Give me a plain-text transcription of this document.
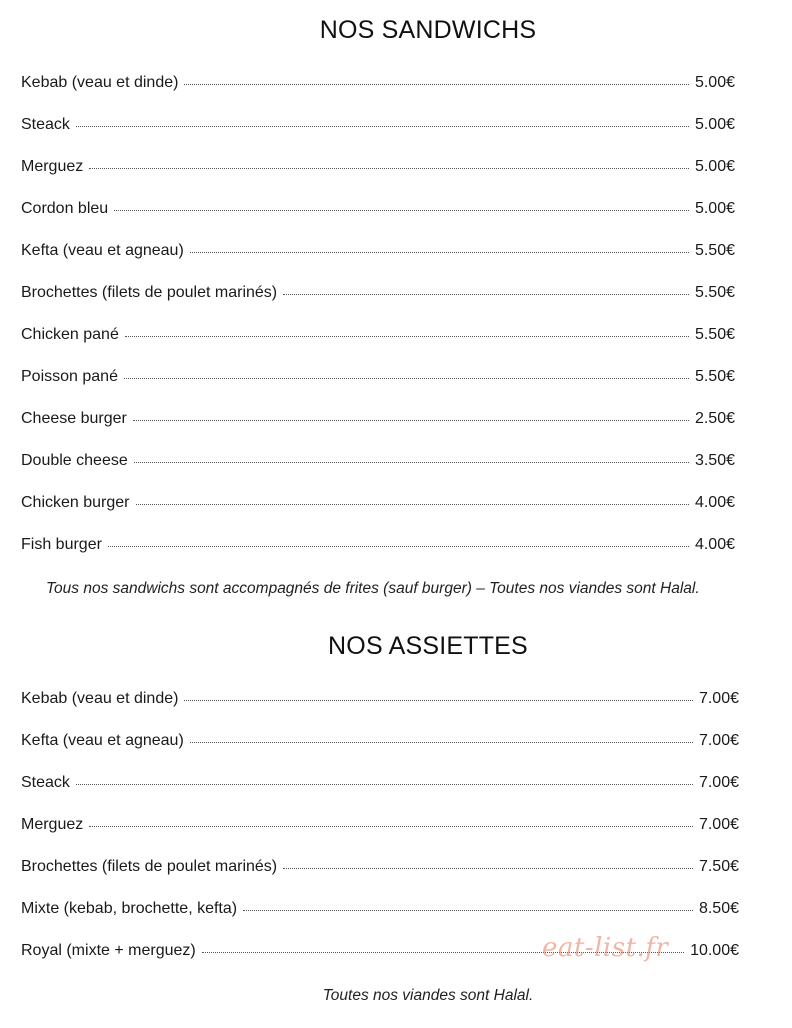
NOS SANDWICHS
Kebab (veau et dinde)	5.00€
Steack	5.00€
Merguez	5.00€
Cordon bleu	5.00€
Kefta (veau et agneau)	5.50€
Brochettes (filets de poulet marinés)	5.50€
Chicken pané	5.50€
Poisson pané	5.50€
Cheese burger	2.50€
Double cheese	3.50€
Chicken burger	4.00€
Fish burger	4.00€
Tous nos sandwichs sont accompagnés de frites (sauf burger) – Toutes nos viandes sont Halal.
NOS ASSIETTES
Kebab (veau et dinde)	7.00€
Kefta (veau et agneau)	7.00€
Steack	7.00€
Merguez	7.00€
Brochettes (filets de poulet marinés)	7.50€
Mixte (kebab, brochette, kefta)	8.50€
Royal (mixte + merguez)	10.00€
Toutes nos viandes sont Halal.
eat-list.fr
